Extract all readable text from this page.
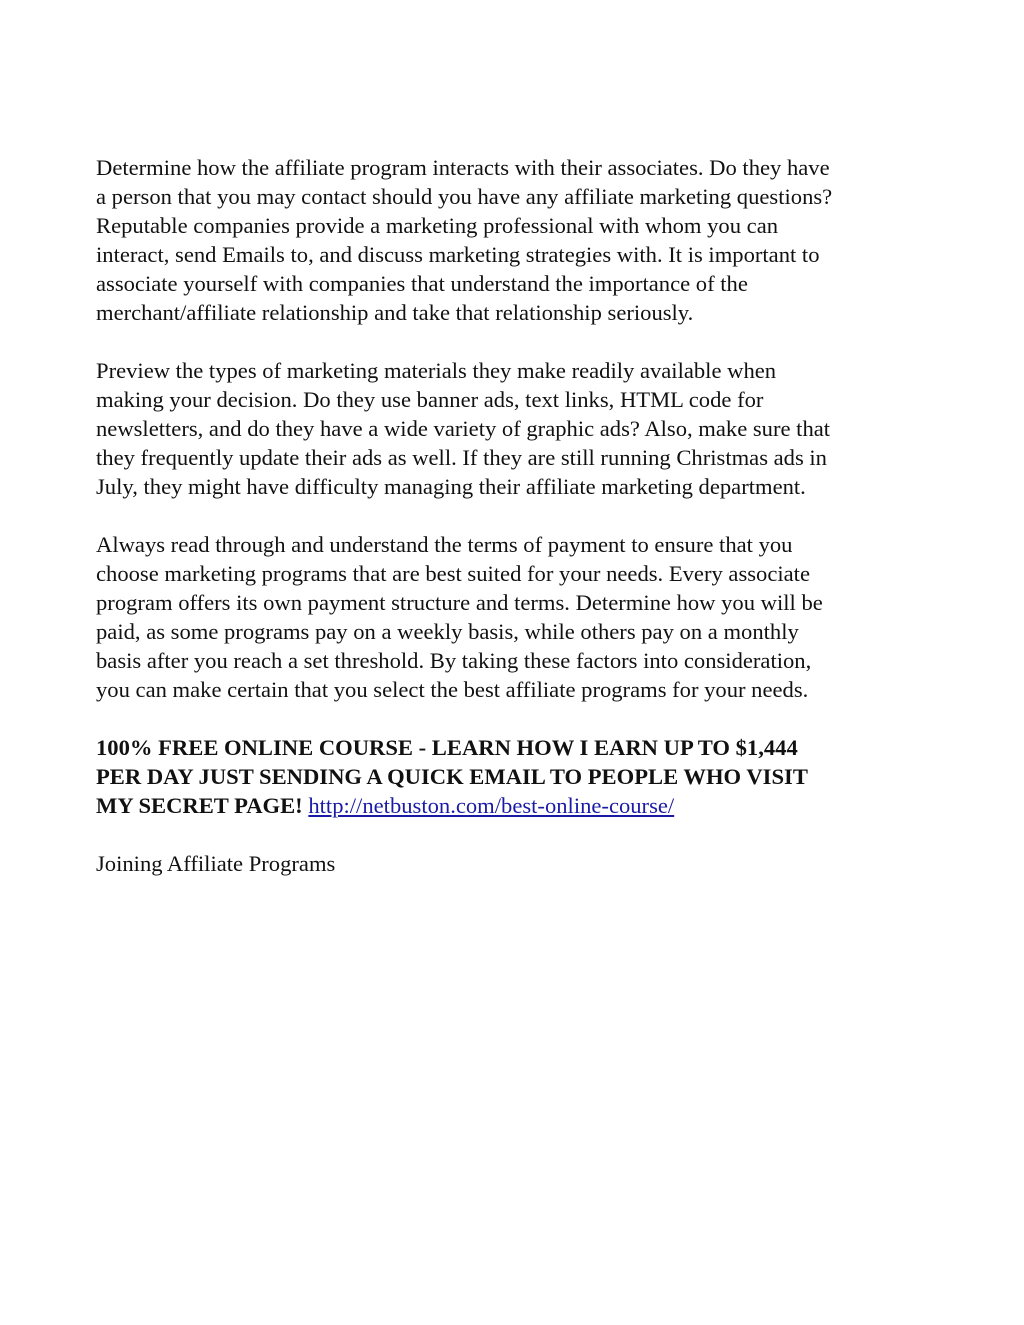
Determine how the affiliate program interacts with their associates. Do they have
a person that you may contact should you have any affiliate marketing questions?
Reputable companies provide a marketing professional with whom you can
interact, send Emails to, and discuss marketing strategies with. It is important to
associate yourself with companies that understand the importance of the
merchant/affiliate relationship and take that relationship seriously.

Preview the types of marketing materials they make readily available when
making your decision. Do they use banner ads, text links, HTML code for
newsletters, and do they have a wide variety of graphic ads? Also, make sure that
they frequently update their ads as well. If they are still running Christmas ads in
July, they might have difficulty managing their affiliate marketing department.

Always read through and understand the terms of payment to ensure that you
choose marketing programs that are best suited for your needs. Every associate
program offers its own payment structure and terms. Determine how you will be
paid, as some programs pay on a weekly basis, while others pay on a monthly
basis after you reach a set threshold. By taking these factors into consideration,
you can make certain that you select the best affiliate programs for your needs.

100% FREE ONLINE COURSE - LEARN HOW I EARN UP TO $1,444
PER DAY JUST SENDING A QUICK EMAIL TO PEOPLE WHO VISIT
MY SECRET PAGE! http://netbuston.com/best-online-course/

Joining Affiliate Programs
